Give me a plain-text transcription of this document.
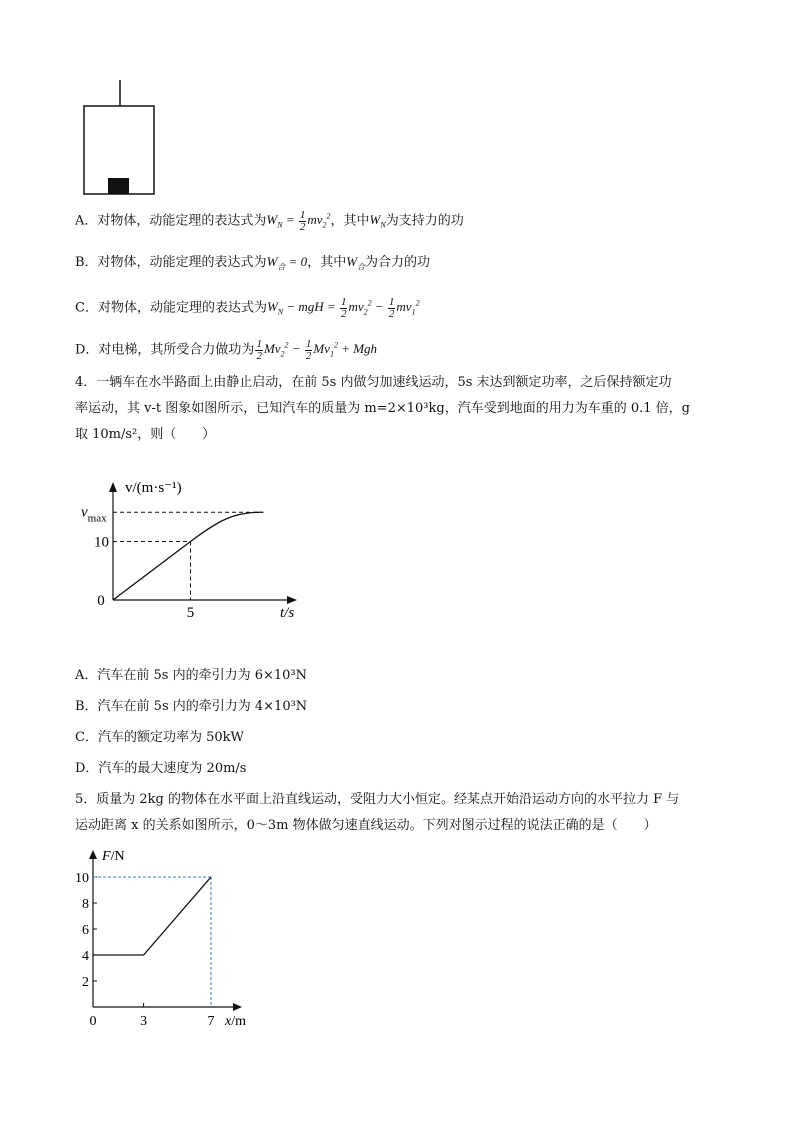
A．对物体，动能定理的表达式为$W_N = \frac{1}{2} mv_2^2$，其中$W_N$为支持力的功
B．对物体，动能定理的表达式为$W_合 = 0$，其中$W_合$为合力的功
C．对物体，动能定理的表达式为$W_N$ − mgH = $\frac{1}{2} mv_2^2 - \frac{1}{2} mv_1^2$
D．对电梯，其所受合力做功为 $\frac{1}{2} Mv_2^2 - \frac{1}{2} Mv_1^2$ + Mgh
4．一辆车在水半路面上由静止启动，在前 5s 内做匀加速线运动，5s 末达到额定功率，之后保持额定功
率运动，其 v-t 图象如图所示，已知汽车的质量为 m=2×10³kg，汽车受到地面的用力为车重的 0.1 倍，g
取 10m/s²，则（　　）
0
5
10
$v_{max}$
v/(m·s⁻¹)
t/s
A．汽车在前 5s 内的牵引力为 6×10³N
B．汽车在前 5s 内的牵引力为 4×10³N
C．汽车的额定功率为 50kW
D．汽车的最大速度为 20m/s
5．质量为 2kg 的物体在水平面上沿直线运动，受阻力大小恒定。经某点开始沿运动方向的水平拉力 F 与
运动距离 x 的关系如图所示，0～3m 物体做匀速直线运动。下列对图示过程的说法正确的是（　　）
2
4
6
8
10
0	3	7
F/N
x/m
